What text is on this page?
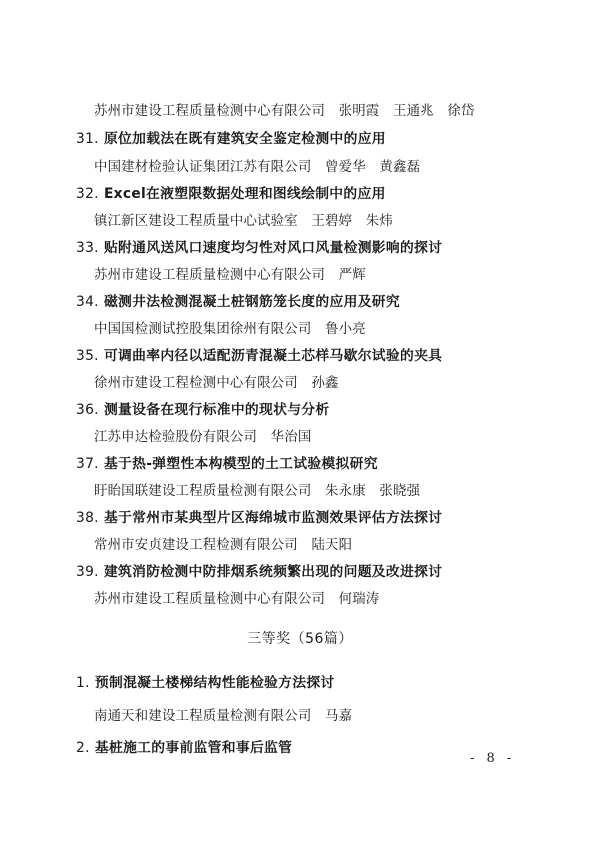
苏州市建设工程质量检测中心有限公司　张明霞　王通兆　徐岱
31. 原位加载法在既有建筑安全鉴定检测中的应用
中国建材检验认证集团江苏有限公司　曾爱华　黄鑫磊
32. Excel在液塑限数据处理和图线绘制中的应用
镇江新区建设工程质量中心试验室　王碧婷　朱炜
33. 贴附通风送风口速度均匀性对风口风量检测影响的探讨
苏州市建设工程质量检测中心有限公司　严辉
34. 磁测井法检测混凝土桩钢筋笼长度的应用及研究
中国国检测试控股集团徐州有限公司　鲁小亮
35. 可调曲率内径以适配沥青混凝土芯样马歇尔试验的夹具
徐州市建设工程检测中心有限公司　孙鑫
36. 测量设备在现行标准中的现状与分析
江苏申达检验股份有限公司　华治国
37. 基于热-弹塑性本构模型的土工试验模拟研究
盱眙国联建设工程质量检测有限公司　朱永康　张晓强
38. 基于常州市某典型片区海绵城市监测效果评估方法探讨
常州市安贞建设工程检测有限公司　陆天阳
39. 建筑消防检测中防排烟系统频繁出现的问题及改进探讨
苏州市建设工程质量检测中心有限公司　何瑞涛
三等奖（56篇）
1. 预制混凝土楼梯结构性能检验方法探讨
南通天和建设工程质量检测有限公司　马嘉
2. 基桩施工的事前监管和事后监管
- 8 -
